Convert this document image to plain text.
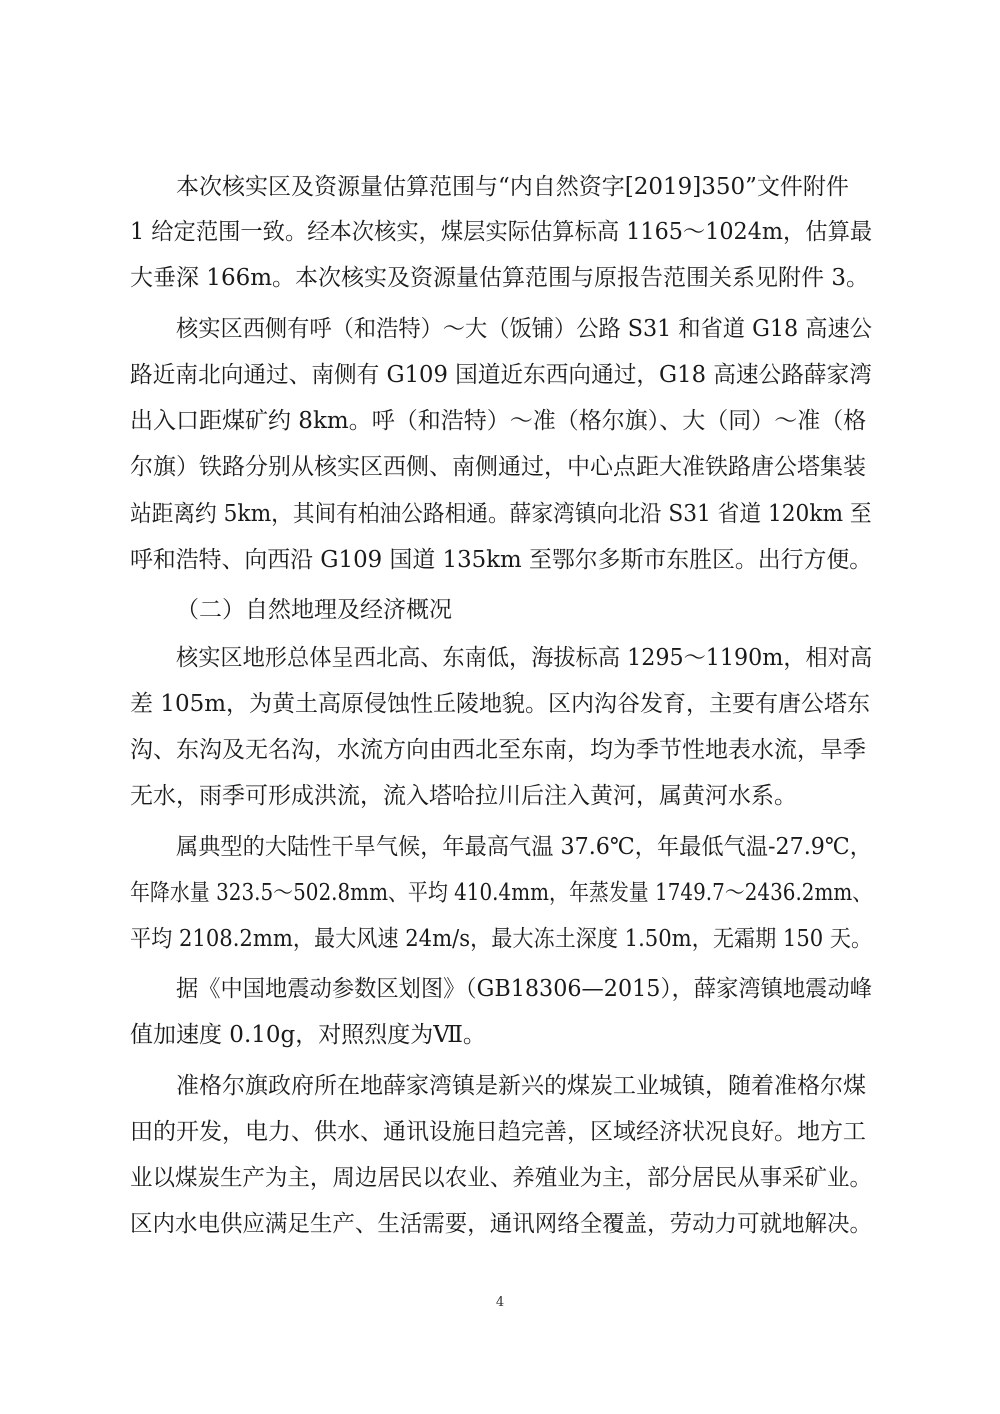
本次核实区及资源量估算范围与“内自然资字[2019]350”文件附件
1 给定范围一致。经本次核实，煤层实际估算标高 1165～1024m，估算最
大垂深 166m。本次核实及资源量估算范围与原报告范围关系见附件 3。
核实区西侧有呼（和浩特）～大（饭铺）公路 S31 和省道 G18 高速公
路近南北向通过、南侧有 G109 国道近东西向通过，G18 高速公路薛家湾
出入口距煤矿约 8km。呼（和浩特）～准（格尔旗）、大（同）～准（格
尔旗）铁路分别从核实区西侧、南侧通过，中心点距大准铁路唐公塔集装
站距离约 5km，其间有柏油公路相通。薛家湾镇向北沿 S31 省道 120km 至
呼和浩特、向西沿 G109 国道 135km 至鄂尔多斯市东胜区。出行方便。
（二）自然地理及经济概况
核实区地形总体呈西北高、东南低，海拔标高 1295～1190m，相对高
差 105m，为黄土高原侵蚀性丘陵地貌。区内沟谷发育，主要有唐公塔东
沟、东沟及无名沟，水流方向由西北至东南，均为季节性地表水流，旱季
无水，雨季可形成洪流，流入塔哈拉川后注入黄河，属黄河水系。
属典型的大陆性干旱气候，年最高气温 37.6℃，年最低气温-27.9℃，
年降水量 323.5～502.8mm、平均 410.4mm，年蒸发量 1749.7～2436.2mm、
平均 2108.2mm，最大风速 24m/s，最大冻土深度 1.50m，无霜期 150 天。
据《中国地震动参数区划图》（GB18306—2015），薛家湾镇地震动峰
值加速度 0.10g，对照烈度为Ⅶ。
准格尔旗政府所在地薛家湾镇是新兴的煤炭工业城镇，随着准格尔煤
田的开发，电力、供水、通讯设施日趋完善，区域经济状况良好。地方工
业以煤炭生产为主，周边居民以农业、养殖业为主，部分居民从事采矿业。
区内水电供应满足生产、生活需要，通讯网络全覆盖，劳动力可就地解决。
4
